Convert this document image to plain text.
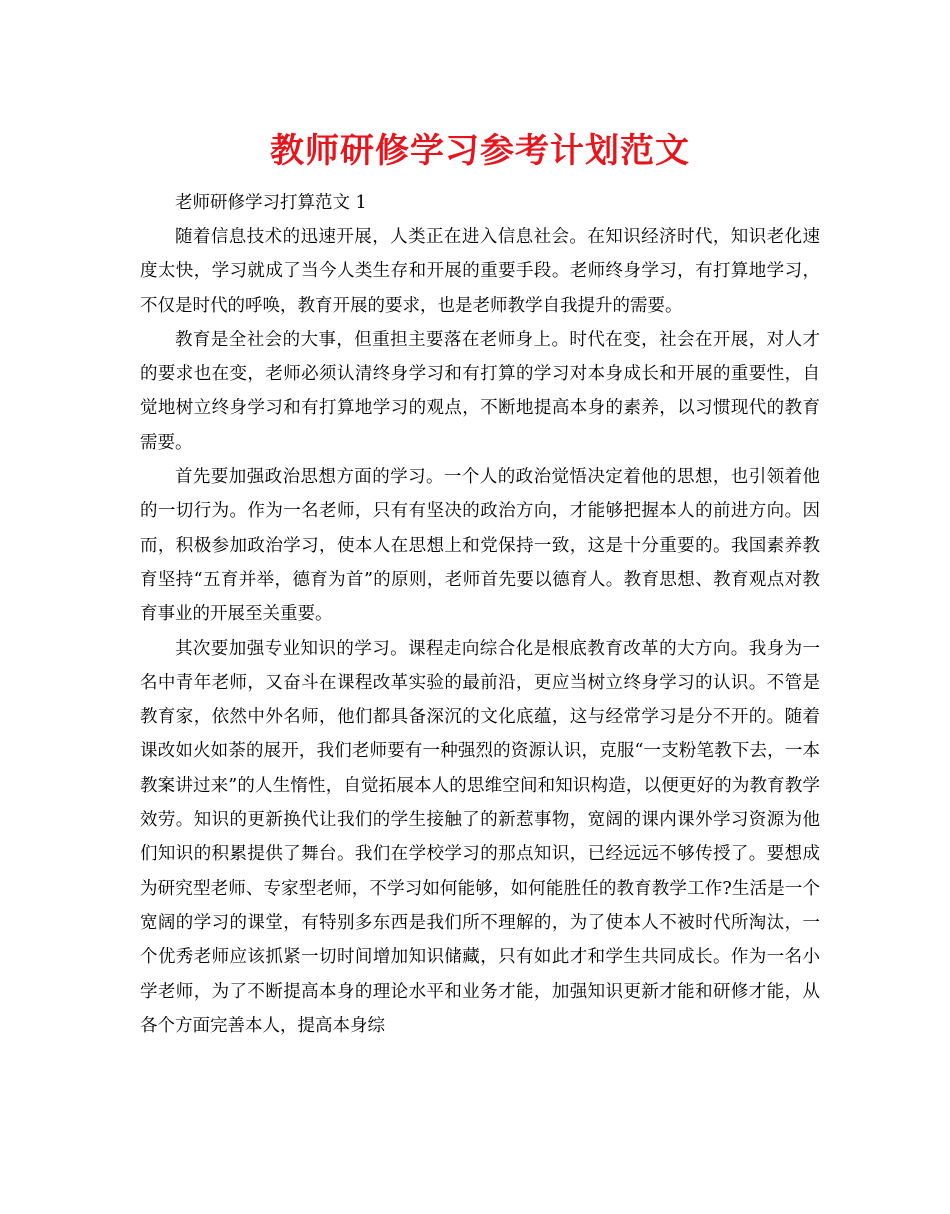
教师研修学习参考计划范文

老师研修学习打算范文 1

随着信息技术的迅速开展，人类正在进入信息社会。在知识经济时代，知识老化速度太快，学习就成了当今人类生存和开展的重要手段。老师终身学习，有打算地学习，不仅是时代的呼唤，教育开展的要求，也是老师教学自我提升的需要。

教育是全社会的大事，但重担主要落在老师身上。时代在变，社会在开展，对人才的要求也在变，老师必须认清终身学习和有打算的学习对本身成长和开展的重要性，自觉地树立终身学习和有打算地学习的观点，不断地提高本身的素养，以习惯现代的教育需要。

首先要加强政治思想方面的学习。一个人的政治觉悟决定着他的思想，也引领着他的一切行为。作为一名老师，只有有坚决的政治方向，才能够把握本人的前进方向。因而，积极参加政治学习，使本人在思想上和党保持一致，这是十分重要的。我国素养教育坚持“五育并举，德育为首”的原则，老师首先要以德育人。教育思想、教育观点对教育事业的开展至关重要。

其次要加强专业知识的学习。课程走向综合化是根底教育改革的大方向。我身为一名中青年老师，又奋斗在课程改革实验的最前沿，更应当树立终身学习的认识。不管是教育家，依然中外名师，他们都具备深沉的文化底蕴，这与经常学习是分不开的。随着课改如火如荼的展开，我们老师要有一种强烈的资源认识，克服“一支粉笔教下去，一本教案讲过来”的人生惰性，自觉拓展本人的思维空间和知识构造，以便更好的为教育教学效劳。知识的更新换代让我们的学生接触了的新惹事物，宽阔的课内课外学习资源为他们知识的积累提供了舞台。我们在学校学习的那点知识，已经远远不够传授了。要想成为研究型老师、专家型老师，不学习如何能够，如何能胜任的教育教学工作?生活是一个宽阔的学习的课堂，有特别多东西是我们所不理解的，为了使本人不被时代所淘汰，一个优秀老师应该抓紧一切时间增加知识储藏，只有如此才和学生共同成长。作为一名小学老师，为了不断提高本身的理论水平和业务才能，加强知识更新才能和研修才能，从各个方面完善本人，提高本身综
